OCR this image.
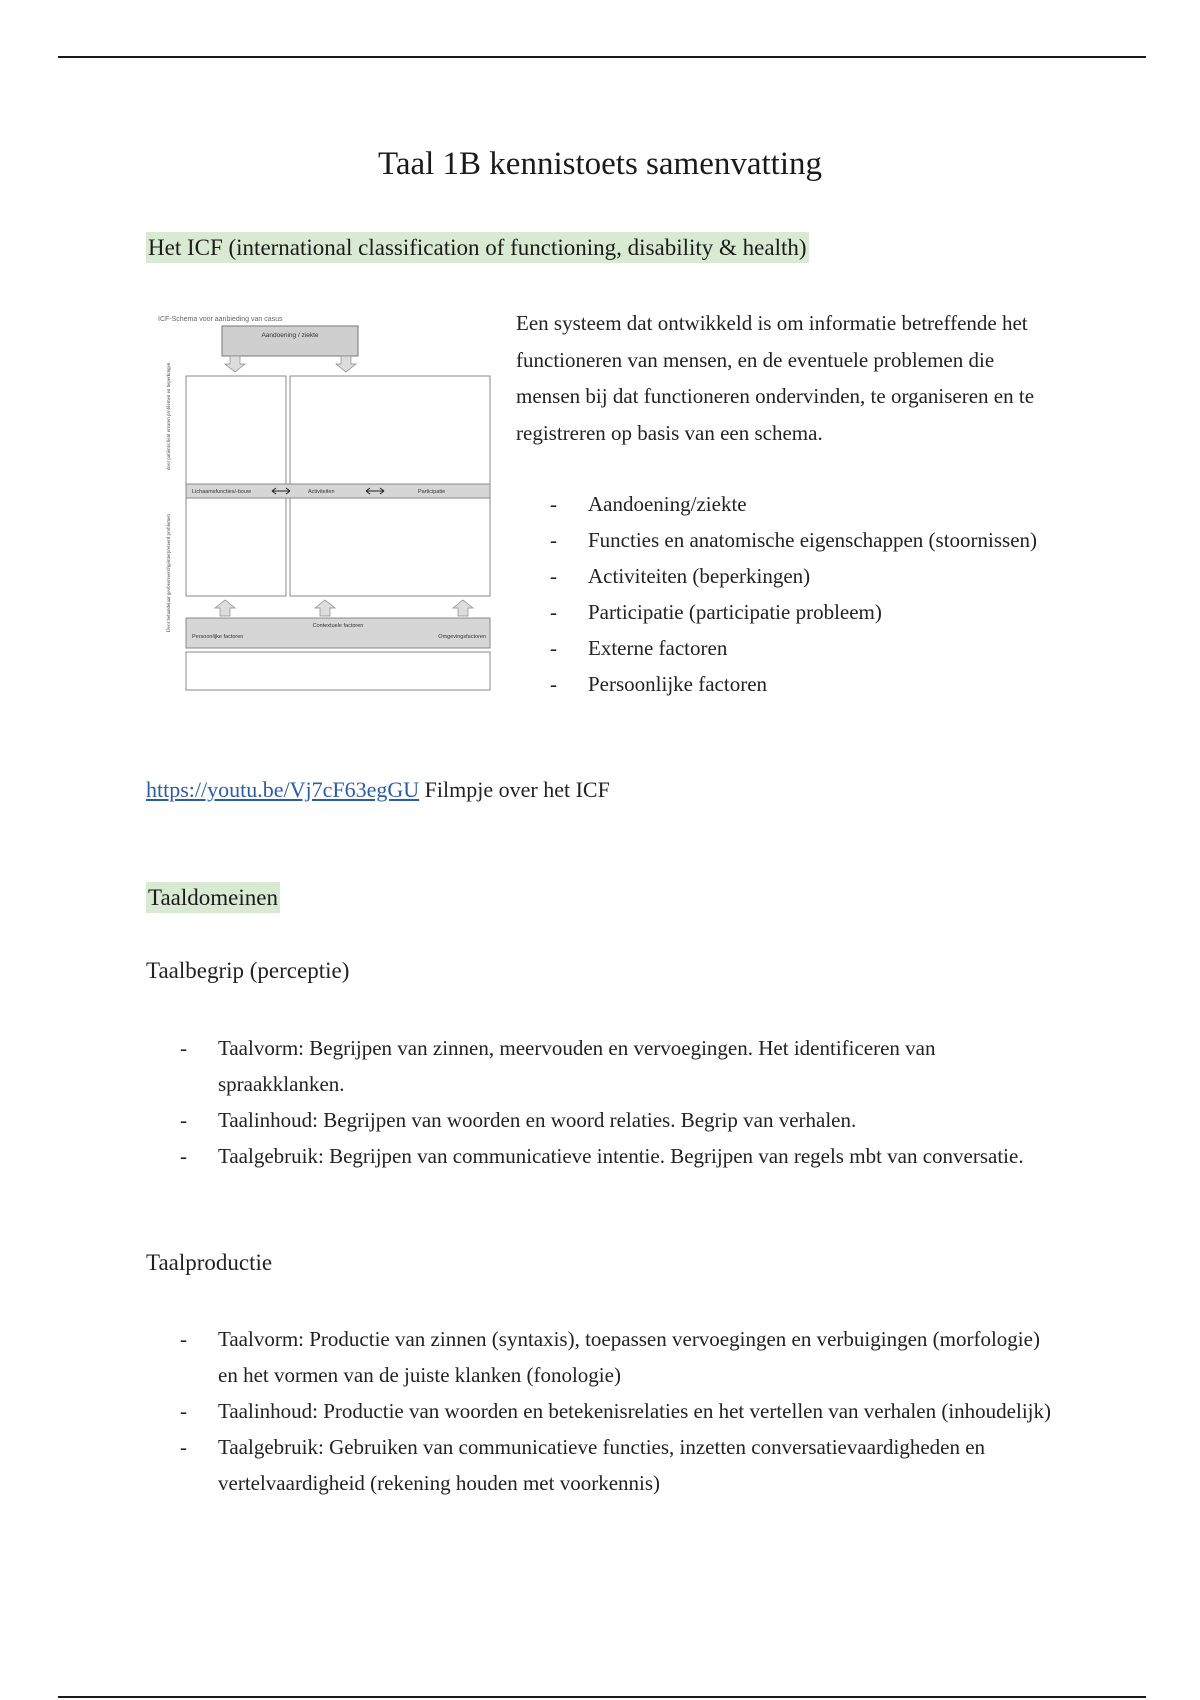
Taal 1B kennistoets samenvatting
Het ICF (international classification of functioning, disability & health)
ICF-Schema voor aanbieding van casus
Aandoening / ziekte
Lichaamsfuncties/-bouw	Activiteiten	Participatie
Contextuele factoren
Persoonlijke factoren	Omgevingsfactoren
door patiënt/cliënt ervaren problemen en beperkingen
Door behandelaar geobserveerd/geïnterpreteerd problemen
Een systeem dat ontwikkeld is om informatie betreffende het functioneren van mensen, en de eventuele problemen die mensen bij dat functioneren ondervinden, te organiseren en te registreren op basis van een schema.
- Aandoening/ziekte
- Functies en anatomische eigenschappen (stoornissen)
- Activiteiten (beperkingen)
- Participatie (participatie probleem)
- Externe factoren
- Persoonlijke factoren
https://youtu.be/Vj7cF63egGU Filmpje over het ICF
Taaldomeinen
Taalbegrip (perceptie)
- Taalvorm: Begrijpen van zinnen, meervouden en vervoegingen. Het identificeren van spraakklanken.
- Taalinhoud: Begrijpen van woorden en woord relaties. Begrip van verhalen.
- Taalgebruik: Begrijpen van communicatieve intentie. Begrijpen van regels mbt van conversatie.
Taalproductie
- Taalvorm: Productie van zinnen (syntaxis), toepassen vervoegingen en verbuigingen (morfologie) en het vormen van de juiste klanken (fonologie)
- Taalinhoud: Productie van woorden en betekenisrelaties en het vertellen van verhalen (inhoudelijk)
- Taalgebruik: Gebruiken van communicatieve functies, inzetten conversatievaardigheden en vertelvaardigheid (rekening houden met voorkennis)
